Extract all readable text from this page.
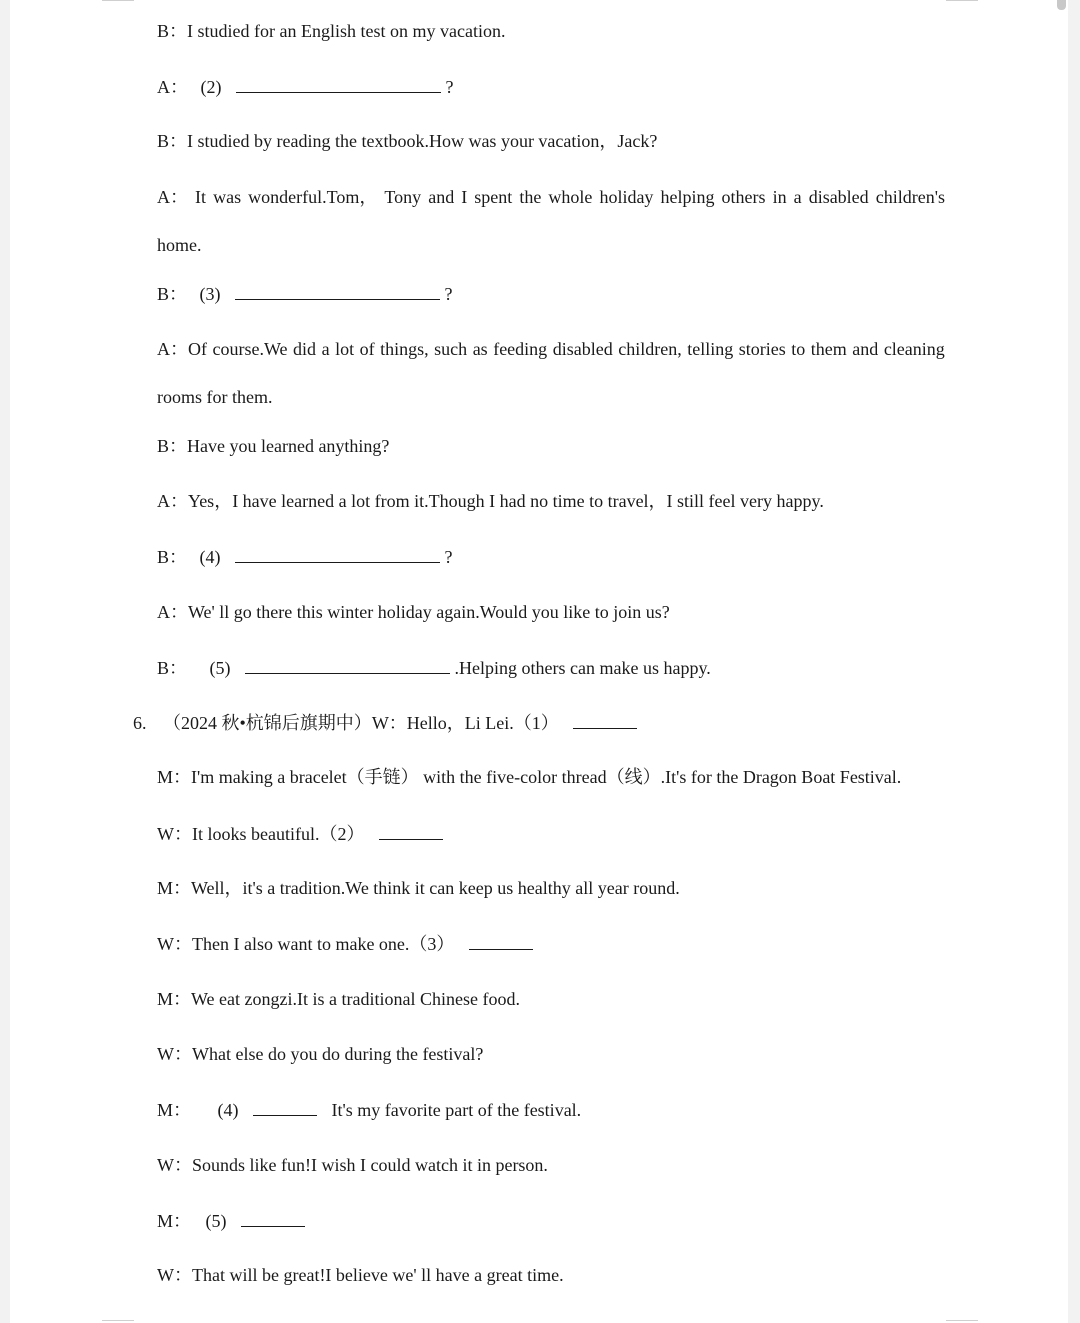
B：I studied for an English test on my vacation.
A： (2)	?
B：I studied by reading the textbook.How was your vacation，Jack?
A： It was wonderful.Tom， Tony and I spent the whole holiday helping others in a disabled children's
home.
B： (3)	?
A：Of course.We did a lot of things, such as feeding disabled children, telling stories to them and cleaning
rooms for them.
B：Have you learned anything?
A：Yes，I have learned a lot from it.Though I had no time to travel，I still feel very happy.
B： (4)	?
A：We' ll go there this winter holiday again.Would you like to join us?
B： (5)	.Helping others can make us happy.
6. （2024 秋•杭锦后旗期中）W：Hello，Li Lei.（1）
M：I'm making a bracelet（手链） with the five-color thread（线）.It's for the Dragon Boat Festival.
W：It looks beautiful.（2）
M：Well，it's a tradition.We think it can keep us healthy all year round.
W：Then I also want to make one.（3）
M：We eat zongzi.It is a traditional Chinese food.
W：What else do you do during the festival?
M： (4)	It's my favorite part of the festival.
W：Sounds like fun!I wish I could watch it in person.
M： (5)
W：That will be great!I believe we' ll have a great time.
